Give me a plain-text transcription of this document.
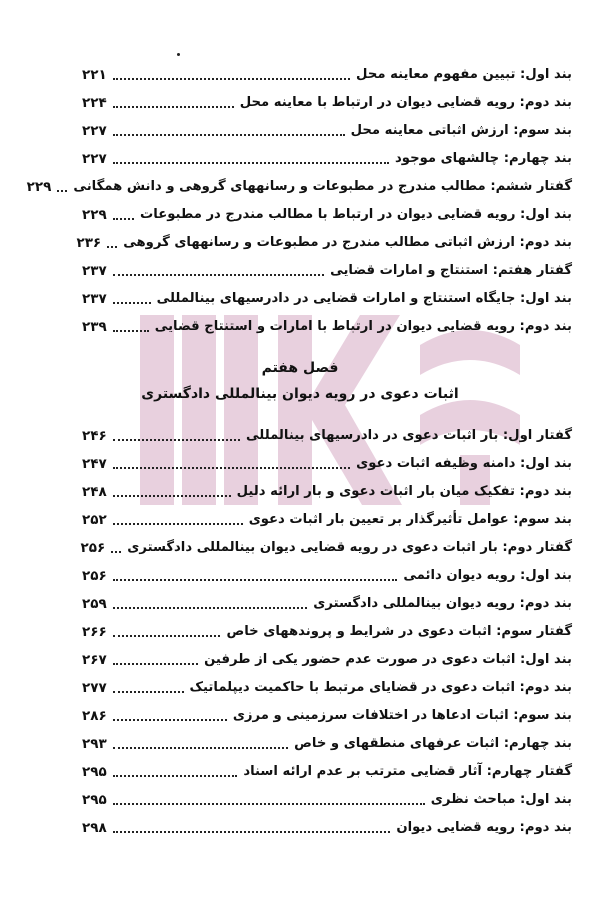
بند اول: تبیین مفهوم معاینه محل
۲۲۱
بند دوم: رویه قضایی دیوان در ارتباط با معاینه محل
۲۲۴
بند سوم: ارزش اثباتی معاینه محل
۲۲۷
بند چهارم: چالشهای موجود
۲۲۷
گفتار ششم: مطالب مندرج در مطبوعات و رسانههای گروهی و دانش همگانی
۲۲۹
بند اول: رویه قضایی دیوان در ارتباط با مطالب مندرج در مطبوعات
۲۲۹
بند دوم: ارزش اثباتی مطالب مندرج در مطبوعات و رسانههای گروهی
۲۳۶
گفتار هفتم: استنتاج و امارات قضایی
۲۳۷
بند اول: جایگاه استنتاج و امارات قضایی در دادرسیهای بینالمللی
۲۳۷
بند دوم: رویه قضایی دیوان در ارتباط با امارات و استنتاج قضایی
۲۳۹
فصل هفتم
اثبات دعوی در رویه دیوان بینالمللی دادگستری
گفتار اول: بار اثبات دعوی در دادرسیهای بینالمللی
۲۴۶
بند اول: دامنه وظیفه اثبات دعوی
۲۴۷
بند دوم: تفکیک میان بار اثبات دعوی و بار ارائه دلیل
۲۴۸
بند سوم: عوامل تأثیرگذار بر تعیین بار اثبات دعوی
۲۵۲
گفتار دوم: بار اثبات دعوی در رویه قضایی دیوان بینالمللی دادگستری
۲۵۶
بند اول: رویه دیوان دائمی
۲۵۶
بند دوم: رویه دیوان بینالمللی دادگستری
۲۵۹
گفتار سوم: اثبات دعوی در شرایط و پروندههای خاص
۲۶۶
بند اول: اثبات دعوی در صورت عدم حضور یکی از طرفین
۲۶۷
بند دوم: اثبات دعوی در قضایای مرتبط با حاکمیت دیپلماتیک
۲۷۷
بند سوم: اثبات ادعاها در اختلافات سرزمینی و مرزی
۲۸۶
بند چهارم: اثبات عرفهای منطقهای و خاص
۲۹۳
گفتار چهارم: آثار قضایی مترتب بر عدم ارائه اسناد
۲۹۵
بند اول: مباحث نظری
۲۹۵
بند دوم: رویه قضایی دیوان
۲۹۸
